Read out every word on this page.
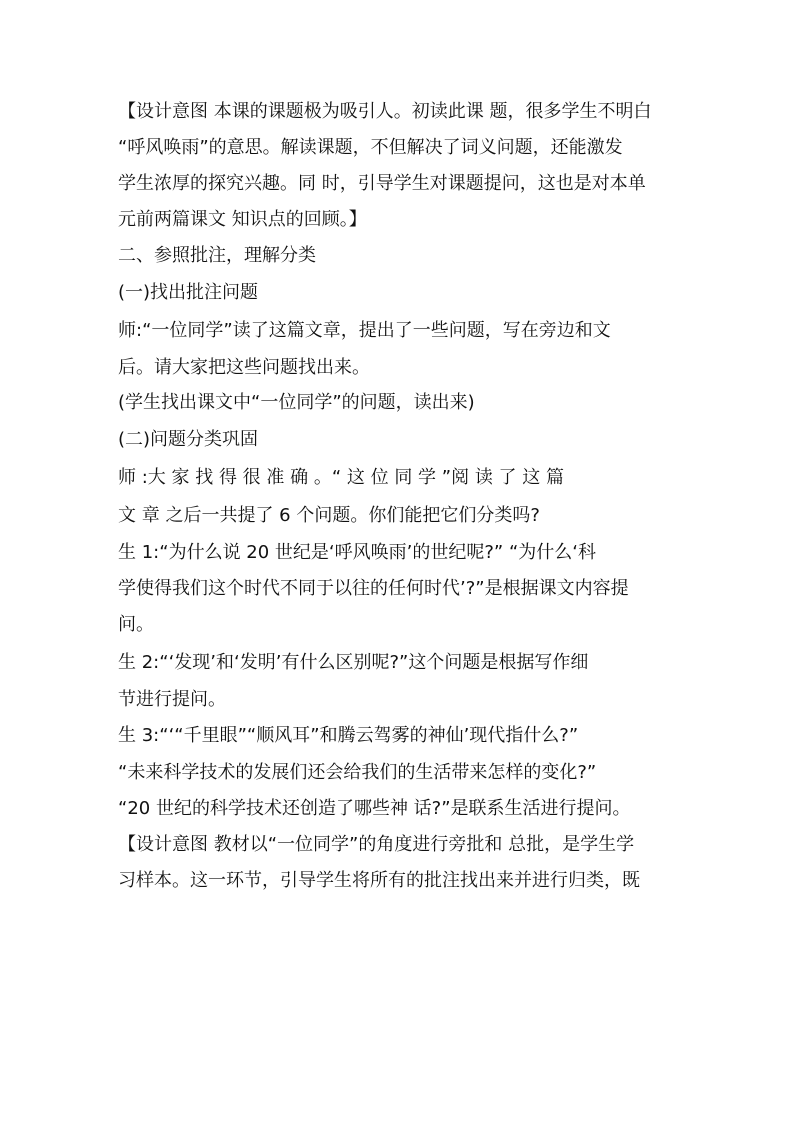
【设计意图 本课的课题极为吸引人。初读此课 题，很多学生不明白
“呼风唤雨”的意思。解读课题，不但解决了词义问题，还能激发
学生浓厚的探究兴趣。同 时，引导学生对课题提问，这也是对本单
元前两篇课文 知识点的回顾。】
二、参照批注，理解分类
(一)找出批注问题
师:“一位同学”读了这篇文章，提出了一些问题，写在旁边和文
后。请大家把这些问题找出来。
(学生找出课文中“一位同学”的问题，读出来)
(二)问题分类巩固
师 :大 家 找 得 很 准 确 。“ 这 位 同 学 ”阅 读 了 这 篇
文 章 之后一共提了 6 个问题。你们能把它们分类吗?
生 1:“为什么说 20 世纪是‘呼风唤雨’的世纪呢?” “为什么‘科
学使得我们这个时代不同于以往的任何时代’?”是根据课文内容提
问。
生 2:“‘发现’和‘发明’有什么区别呢?”这个问题是根据写作细
节进行提问。
生 3:“‘“千里眼”“顺风耳”和腾云驾雾的神仙’现代指什么?”
“未来科学技术的发展们还会给我们的生活带来怎样的变化?”
“20 世纪的科学技术还创造了哪些神 话?”是联系生活进行提问。
【设计意图 教材以“一位同学”的角度进行旁批和 总批，是学生学
习样本。这一环节，引导学生将所有的批注找出来并进行归类，既
